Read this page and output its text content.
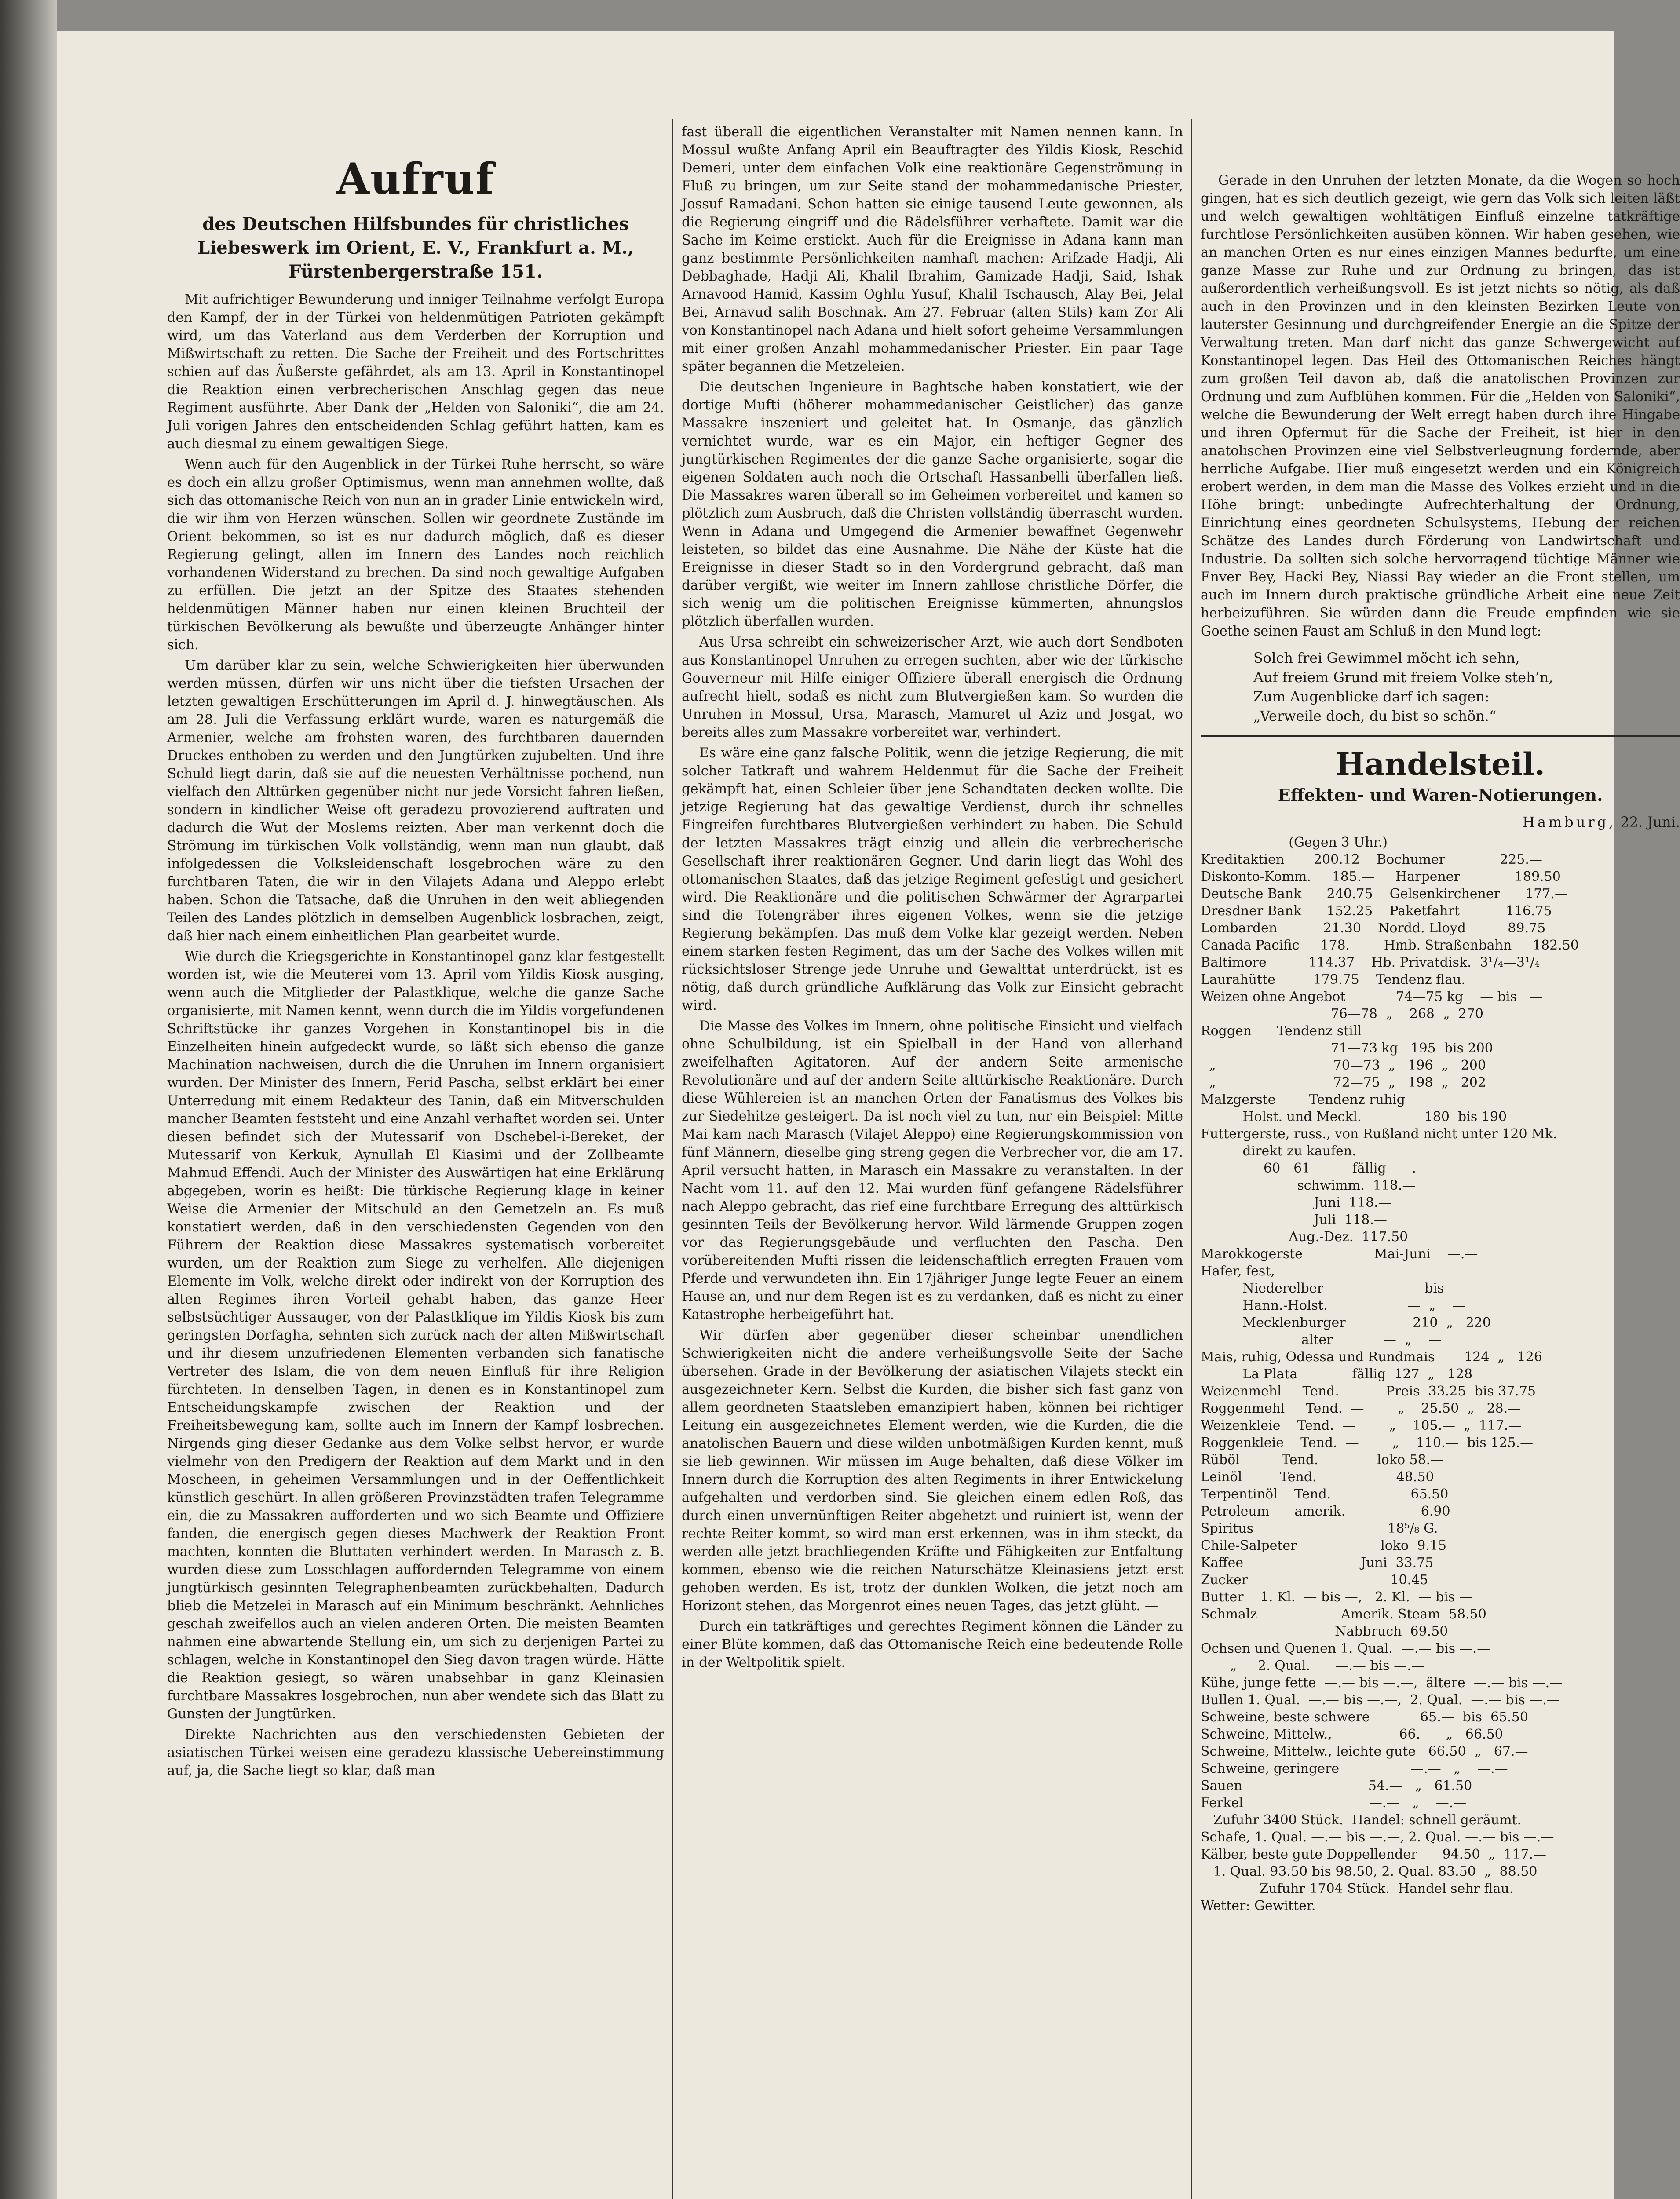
Aufruf
des Deutschen Hilfsbundes für christliches Liebeswerk im Orient, E. V., Frankfurt a. M., Fürstenbergerstraße 151.

Mit aufrichtiger Bewunderung und inniger Teilnahme verfolgt Europa den Kampf, der in der Türkei von heldenmütigen Patrioten gekämpft wird, um das Vaterland aus dem Verderben der Korruption und Mißwirtschaft zu retten. Die Sache der Freiheit und des Fortschrittes schien auf das Äußerste gefährdet, als am 13. April in Konstantinopel die Reaktion einen verbrecherischen Anschlag gegen das neue Regiment ausführte. Aber Dank der „Helden von Saloniki“, die am 24. Juli vorigen Jahres den entscheidenden Schlag geführt hatten, kam es auch diesmal zu einem gewaltigen Siege.

Wenn auch für den Augenblick in der Türkei Ruhe herrscht, so wäre es doch ein allzu großer Optimismus, wenn man annehmen wollte, daß sich das ottomanische Reich von nun an in grader Linie entwickeln wird, die wir ihm von Herzen wünschen. Sollen wir geordnete Zustände im Orient bekommen, so ist es nur dadurch möglich, daß es dieser Regierung gelingt, allen im Innern des Landes noch reichlich vorhandenen Widerstand zu brechen. Da sind noch gewaltige Aufgaben zu erfüllen. Die jetzt an der Spitze des Staates stehenden heldenmütigen Männer haben nur einen kleinen Bruchteil der türkischen Bevölkerung als bewußte und überzeugte Anhänger hinter sich.

Um darüber klar zu sein, welche Schwierigkeiten hier überwunden werden müssen, dürfen wir uns nicht über die tiefsten Ursachen der letzten gewaltigen Erschütterungen im April d. J. hinwegtäuschen. Als am 28. Juli die Verfassung erklärt wurde, waren es naturgemäß die Armenier, welche am frohsten waren, des furchtbaren dauernden Druckes enthoben zu werden und den Jungtürken zujubelten. Und ihre Schuld liegt darin, daß sie auf die neuesten Verhältnisse pochend, nun vielfach den Alttürken gegenüber nicht nur jede Vorsicht fahren ließen, sondern in kindlicher Weise oft geradezu provozierend auftraten und dadurch die Wut der Moslems reizten. Aber man verkennt doch die Strömung im türkischen Volk vollständig, wenn man nun glaubt, daß infolgedessen die Volksleidenschaft losgebrochen wäre zu den furchtbaren Taten, die wir in den Vilajets Adana und Aleppo erlebt haben. Schon die Tatsache, daß die Unruhen in den weit abliegenden Teilen des Landes plötzlich in demselben Augenblick losbrachen, zeigt, daß hier nach einem einheitlichen Plan gearbeitet wurde.

Wie durch die Kriegsgerichte in Konstantinopel ganz klar festgestellt worden ist, wie die Meuterei vom 13. April vom Yildis Kiosk ausging, wenn auch die Mitglieder der Palastklique, welche die ganze Sache organisierte, mit Namen kennt, wenn durch die im Yildis vorgefundenen Schriftstücke ihr ganzes Vorgehen in Konstantinopel bis in die Einzelheiten hinein aufgedeckt wurde, so läßt sich ebenso die ganze Machination nachweisen, durch die die Unruhen im Innern organisiert wurden. Der Minister des Innern, Ferid Pascha, selbst erklärt bei einer Unterredung mit einem Redakteur des Tanin, daß ein Mitverschulden mancher Beamten feststeht und eine Anzahl verhaftet worden sei. Unter diesen befindet sich der Mutessarif von Dschebel-i-Bereket, der Mutessarif von Kerkuk, Aynullah El Kiasimi und der Zollbeamte Mahmud Effendi. Auch der Minister des Auswärtigen hat eine Erklärung abgegeben, worin es heißt: Die türkische Regierung klage in keiner Weise die Armenier der Mitschuld an den Gemetzeln an. Es muß konstatiert werden, daß in den verschiedensten Gegenden von den Führern der Reaktion diese Massakres systematisch vorbereitet wurden, um der Reaktion zum Siege zu verhelfen. Alle diejenigen Elemente im Volk, welche direkt oder indirekt von der Korruption des alten Regimes ihren Vorteil gehabt haben, das ganze Heer selbstsüchtiger Aussauger, von der Palastklique im Yildis Kiosk bis zum geringsten Dorfagha, sehnten sich zurück nach der alten Mißwirtschaft und ihr diesem unzufriedenen Elementen verbanden sich fanatische Vertreter des Islam, die von dem neuen Einfluß für ihre Religion fürchteten. In denselben Tagen, in denen es in Konstantinopel zum Entscheidungskampfe zwischen der Reaktion und der Freiheitsbewegung kam, sollte auch im Innern der Kampf losbrechen. Nirgends ging dieser Gedanke aus dem Volke selbst hervor, er wurde vielmehr von den Predigern der Reaktion auf dem Markt und in den Moscheen, in geheimen Versammlungen und in der Oeffentlichkeit künstlich geschürt. In allen größeren Provinzstädten trafen Telegramme ein, die zu Massakren aufforderten und wo sich Beamte und Offiziere fanden, die energisch gegen dieses Machwerk der Reaktion Front machten, konnten die Bluttaten verhindert werden. In Marasch z. B. wurden diese zum Losschlagen auffordernden Telegramme von einem jungtürkisch gesinnten Telegraphenbeamten zurückbehalten. Dadurch blieb die Metzelei in Marasch auf ein Minimum beschränkt. Aehnliches geschah zweifellos auch an vielen anderen Orten. Die meisten Beamten nahmen eine abwartende Stellung ein, um sich zu derjenigen Partei zu schlagen, welche in Konstantinopel den Sieg davon tragen würde. Hätte die Reaktion gesiegt, so wären unabsehbar in ganz Kleinasien furchtbare Massakres losgebrochen, nun aber wendete sich das Blatt zu Gunsten der Jungtürken.

Direkte Nachrichten aus den verschiedensten Gebieten der asiatischen Türkei weisen eine geradezu klassische Uebereinstimmung auf, ja, die Sache liegt so klar, daß man

fast überall die eigentlichen Veranstalter mit Namen nennen kann. In Mossul wußte Anfang April ein Beauftragter des Yildis Kiosk, Reschid Demeri, unter dem einfachen Volk eine reaktionäre Gegenströmung in Fluß zu bringen, um zur Seite stand der mohammedanische Priester, Jossuf Ramadani. Schon hatten sie einige tausend Leute gewonnen, als die Regierung eingriff und die Rädelsführer verhaftete. Damit war die Sache im Keime erstickt. Auch für die Ereignisse in Adana kann man ganz bestimmte Persönlichkeiten namhaft machen: Arifzade Hadji, Ali Debbaghade, Hadji Ali, Khalil Ibrahim, Gamizade Hadji, Said, Ishak Arnavood Hamid, Kassim Oghlu Yusuf, Khalil Tschausch, Alay Bei, Jelal Bei, Arnavud salih Boschnak. Am 27. Februar (alten Stils) kam Zor Ali von Konstantinopel nach Adana und hielt sofort geheime Versammlungen mit einer großen Anzahl mohammedanischer Priester. Ein paar Tage später begannen die Metzeleien.

Die deutschen Ingenieure in Baghtsche haben konstatiert, wie der dortige Mufti (höherer mohammedanischer Geistlicher) das ganze Massakre inszeniert und geleitet hat. In Osmanje, das gänzlich vernichtet wurde, war es ein Major, ein heftiger Gegner des jungtürkischen Regimentes der die ganze Sache organisierte, sogar die eigenen Soldaten auch noch die Ortschaft Hassanbelli überfallen ließ. Die Massakres waren überall so im Geheimen vorbereitet und kamen so plötzlich zum Ausbruch, daß die Christen vollständig überrascht wurden. Wenn in Adana und Umgegend die Armenier bewaffnet Gegenwehr leisteten, so bildet das eine Ausnahme. Die Nähe der Küste hat die Ereignisse in dieser Stadt so in den Vordergrund gebracht, daß man darüber vergißt, wie weiter im Innern zahllose christliche Dörfer, die sich wenig um die politischen Ereignisse kümmerten, ahnungslos plötzlich überfallen wurden.

Aus Ursa schreibt ein schweizerischer Arzt, wie auch dort Sendboten aus Konstantinopel Unruhen zu erregen suchten, aber wie der türkische Gouverneur mit Hilfe einiger Offiziere überall energisch die Ordnung aufrecht hielt, sodaß es nicht zum Blutvergießen kam. So wurden die Unruhen in Mossul, Ursa, Marasch, Mamuret ul Aziz und Josgat, wo bereits alles zum Massakre vorbereitet war, verhindert.

Es wäre eine ganz falsche Politik, wenn die jetzige Regierung, die mit solcher Tatkraft und wahrem Heldenmut für die Sache der Freiheit gekämpft hat, einen Schleier über jene Schandtaten decken wollte. Die jetzige Regierung hat das gewaltige Verdienst, durch ihr schnelles Eingreifen furchtbares Blutvergießen verhindert zu haben. Die Schuld der letzten Massakres trägt einzig und allein die verbrecherische Gesellschaft ihrer reaktionären Gegner. Und darin liegt das Wohl des ottomanischen Staates, daß das jetzige Regiment gefestigt und gesichert wird. Die Reaktionäre und die politischen Schwärmer der Agrarpartei sind die Totengräber ihres eigenen Volkes, wenn sie die jetzige Regierung bekämpfen. Das muß dem Volke klar gezeigt werden. Neben einem starken festen Regiment, das um der Sache des Volkes willen mit rücksichtsloser Strenge jede Unruhe und Gewalttat unterdrückt, ist es nötig, daß durch gründliche Aufklärung das Volk zur Einsicht gebracht wird.

Die Masse des Volkes im Innern, ohne politische Einsicht und vielfach ohne Schulbildung, ist ein Spielball in der Hand von allerhand zweifelhaften Agitatoren. Auf der andern Seite armenische Revolutionäre und auf der andern Seite alttürkische Reaktionäre. Durch diese Wühlereien ist an manchen Orten der Fanatismus des Volkes bis zur Siedehitze gesteigert. Da ist noch viel zu tun, nur ein Beispiel: Mitte Mai kam nach Marasch (Vilajet Aleppo) eine Regierungskommission von fünf Männern, dieselbe ging streng gegen die Verbrecher vor, die am 17. April versucht hatten, in Marasch ein Massakre zu veranstalten. In der Nacht vom 11. auf den 12. Mai wurden fünf gefangene Rädelsführer nach Aleppo gebracht, das rief eine furchtbare Erregung des alttürkisch gesinnten Teils der Bevölkerung hervor. Wild lärmende Gruppen zogen vor das Regierungsgebäude und verfluchten den Pascha. Den vorübereitenden Mufti rissen die leidenschaftlich erregten Frauen vom Pferde und verwundeten ihn. Ein 17jähriger Junge legte Feuer an einem Hause an, und nur dem Regen ist es zu verdanken, daß es nicht zu einer Katastrophe herbeigeführt hat.

Wir dürfen aber gegenüber dieser scheinbar unendlichen Schwierigkeiten nicht die andere verheißungsvolle Seite der Sache übersehen. Grade in der Bevölkerung der asiatischen Vilajets steckt ein ausgezeichneter Kern. Selbst die Kurden, die bisher sich fast ganz von allem geordneten Staatsleben emanzipiert haben, können bei richtiger Leitung ein ausgezeichnetes Element werden, wie die Kurden, die die anatolischen Bauern und diese wilden unbotmäßigen Kurden kennt, muß sie lieb gewinnen. Wir müssen im Auge behalten, daß diese Völker im Innern durch die Korruption des alten Regiments in ihrer Entwickelung aufgehalten und verdorben sind. Sie gleichen einem edlen Roß, das durch einen unvernünftigen Reiter abgehetzt und ruiniert ist, wenn der rechte Reiter kommt, so wird man erst erkennen, was in ihm steckt, da werden alle jetzt brachliegenden Kräfte und Fähigkeiten zur Entfaltung kommen, ebenso wie die reichen Naturschätze Kleinasiens jetzt erst gehoben werden. Es ist, trotz der dunklen Wolken, die jetzt noch am Horizont stehen, das Morgenrot eines neuen Tages, das jetzt glüht. —

Durch ein tatkräftiges und gerechtes Regiment können die Länder zu einer Blüte kommen, daß das Ottomanische Reich eine bedeutende Rolle in der Weltpolitik spielt.

Gerade in den Unruhen der letzten Monate, da die Wogen so hoch gingen, hat es sich deutlich gezeigt, wie gern das Volk sich leiten läßt und welch gewaltigen wohltätigen Einfluß einzelne tatkräftige furchtlose Persönlichkeiten ausüben können. Wir haben gesehen, wie an manchen Orten es nur eines einzigen Mannes bedurfte, um eine ganze Masse zur Ruhe und zur Ordnung zu bringen, das ist außerordentlich verheißungsvoll. Es ist jetzt nichts so nötig, als daß auch in den Provinzen und in den kleinsten Bezirken Leute von lauterster Gesinnung und durchgreifender Energie an die Spitze der Verwaltung treten. Man darf nicht das ganze Schwergewicht auf Konstantinopel legen. Das Heil des Ottomanischen Reiches hängt zum großen Teil davon ab, daß die anatolischen Provinzen zur Ordnung und zum Aufblühen kommen. Für die „Helden von Saloniki“, welche die Bewunderung der Welt erregt haben durch ihre Hingabe und ihren Opfermut für die Sache der Freiheit, ist hier in den anatolischen Provinzen eine viel Selbstverleugnung fordernde, aber herrliche Aufgabe. Hier muß eingesetzt werden und ein Königreich erobert werden, in dem man die Masse des Volkes erzieht und in die Höhe bringt: unbedingte Aufrechterhaltung der Ordnung, Einrichtung eines geordneten Schulsystems, Hebung der reichen Schätze des Landes durch Förderung von Landwirtschaft und Industrie. Da sollten sich solche hervorragend tüchtige Männer wie Enver Bey, Hacki Bey, Niassi Bay wieder an die Front stellen, um auch im Innern durch praktische gründliche Arbeit eine neue Zeit herbeizuführen. Sie würden dann die Freude empfinden wie sie Goethe seinen Faust am Schluß in den Mund legt:

Solch frei Gewimmel möcht ich sehn,
Auf freiem Grund mit freiem Volke steh’n,
Zum Augenblicke darf ich sagen:
„Verweile doch, du bist so schön.“
Handelsteil.
Effekten- und Waren-Notierungen.
Hamburg, 22. Juni.
(Gegen 3 Uhr.)
Kreditaktien       200.12    Bochumer             225.—
Diskonto-Komm.     185.—     Harpener             189.50
Deutsche Bank      240.75    Gelsenkirchener      177.—
Dresdner Bank      152.25    Paketfahrt           116.75
Lombarden           21.30    Nordd. Lloyd          89.75
Canada Pacific     178.—     Hmb. Straßenbahn     182.50
Baltimore          114.37    Hb. Privatdisk.  3¹/₄—3¹/₄
Laurahütte         179.75    Tendenz flau.
Weizen ohne Angebot            74—75 kg    — bis   —
76—78  „    268  „  270
Roggen      Tendenz still
71—73 kg   195  bis 200
„                            70—73  „   196  „   200
„                            72—75  „   198  „   202
Malzgerste        Tendenz ruhig
Holst. und Meckl.               180  bis 190
Futtergerste, russ., von Rußland nicht unter 120 Mk.
direkt zu kaufen.
60—61          fällig   —.—
schwimm.  118.—
Juni  118.—
Juli  118.—
Aug.-Dez.  117.50
Marokkogerste                 Mai-Juni    —.—
Hafer, fest,
Niederelber                    — bis   —
Hann.-Holst.                   —  „    —
Mecklenburger                210  „   220
alter            —  „    —
Mais, ruhig, Odessa und Rundmais       124  „   126
La Plata             fällig  127  „   128
Weizenmehl     Tend.  —      Preis  33.25  bis 37.75
Roggenmehl     Tend.  —        „    25.50  „   28.—
Weizenkleie    Tend.  —        „    105.—  „  117.—
Roggenkleie    Tend.  —        „    110.—  bis 125.—
Rüböl          Tend.              loko 58.—
Leinöl         Tend.                   48.50
Terpentinöl    Tend.                   65.50
Petroleum      amerik.                  6.90
Spiritus                                18⁵/₈ G.
Chile-Salpeter                    loko  9.15
Kaffee                            Juni  33.75
Zucker                                  10.45
Butter    1. Kl.  — bis —,   2. Kl.  — bis —
Schmalz                    Amerik. Steam  58.50
Nabbruch  69.50
Ochsen und Quenen 1. Qual.  —.— bis —.—
„     2. Qual.      —.— bis —.—
Kühe, junge fette  —.— bis —.—,  ältere  —.— bis —.—
Bullen 1. Qual.  —.— bis —.—,  2. Qual.  —.— bis —.—
Schweine, beste schwere            65.—  bis  65.50
Schweine, Mittelw.,                66.—   „   66.50
Schweine, Mittelw., leichte gute   66.50  „   67.—
Schweine, geringere                 —.—   „    —.—
Sauen                              54.—   „   61.50
Ferkel                              —.—   „    —.—
Zufuhr 3400 Stück.  Handel: schnell geräumt.
Schafe, 1. Qual. —.— bis —.—, 2. Qual. —.— bis —.—
Kälber, beste gute Doppellender      94.50  „  117.—
1. Qual. 93.50 bis 98.50, 2. Qual. 83.50  „  88.50
Zufuhr 1704 Stück.  Handel sehr flau.
Wetter: Gewitter.
